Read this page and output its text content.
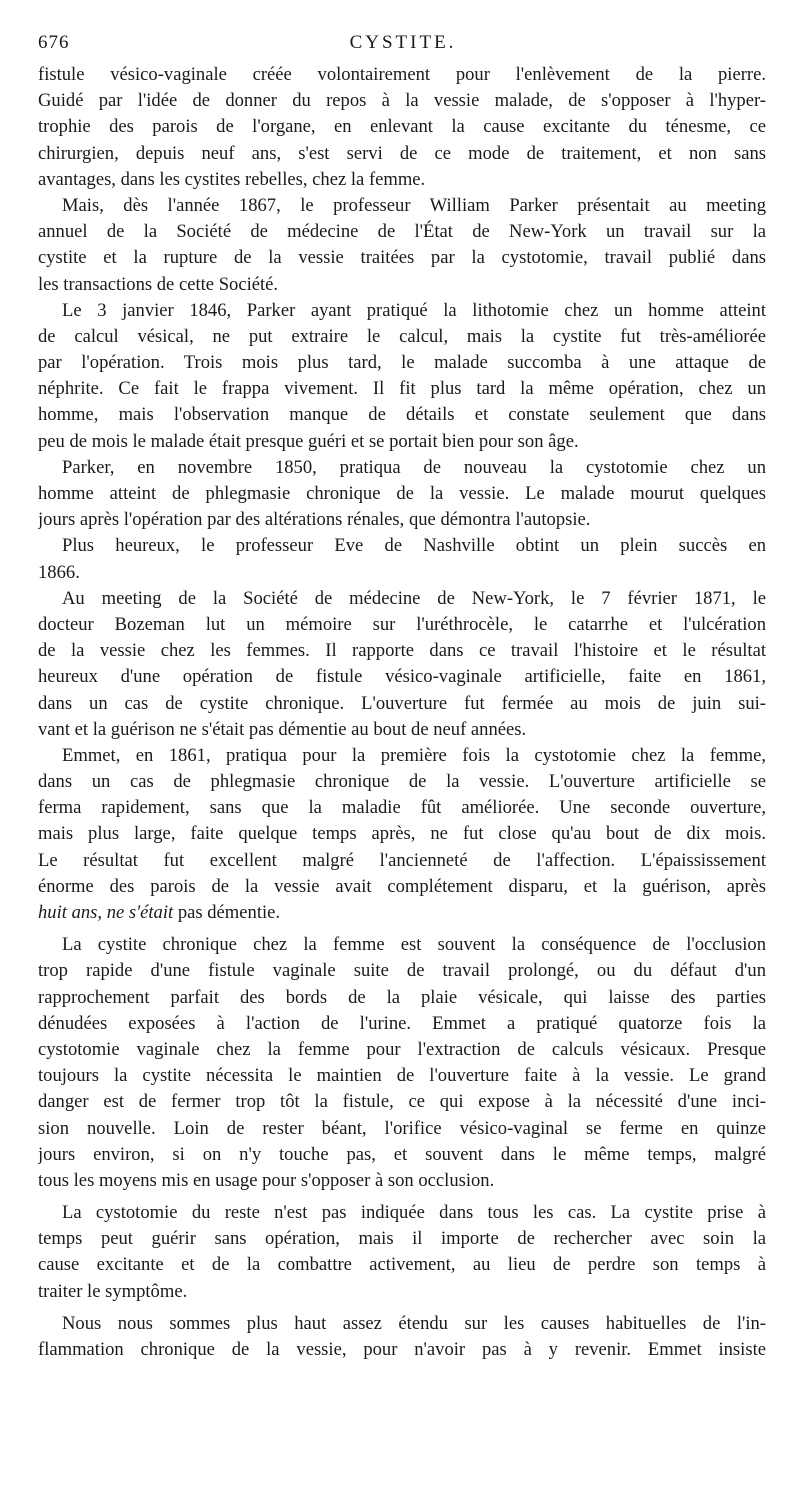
676	CYSTITE.
fistule vésico-vaginale créée volontairement pour l'enlèvement de la pierre.
Guidé par l'idée de donner du repos à la vessie malade, de s'opposer à l'hyper-
trophie des parois de l'organe, en enlevant la cause excitante du ténesme, ce
chirurgien, depuis neuf ans, s'est servi de ce mode de traitement, et non sans
avantages, dans les cystites rebelles, chez la femme.
Mais, dès l'année 1867, le professeur William Parker présentait au meeting
annuel de la Société de médecine de l'État de New-York un travail sur la
cystite et la rupture de la vessie traitées par la cystotomie, travail publié dans
les transactions de cette Société.
Le 3 janvier 1846, Parker ayant pratiqué la lithotomie chez un homme atteint
de calcul vésical, ne put extraire le calcul, mais la cystite fut très-améliorée
par l'opération. Trois mois plus tard, le malade succomba à une attaque de
néphrite. Ce fait le frappa vivement. Il fit plus tard la même opération, chez un
homme, mais l'observation manque de détails et constate seulement que dans
peu de mois le malade était presque guéri et se portait bien pour son âge.
Parker, en novembre 1850, pratiqua de nouveau la cystotomie chez un
homme atteint de phlegmasie chronique de la vessie. Le malade mourut quelques
jours après l'opération par des altérations rénales, que démontra l'autopsie.
Plus heureux, le professeur Eve de Nashville obtint un plein succès en
1866.
Au meeting de la Société de médecine de New-York, le 7 février 1871, le
docteur Bozeman lut un mémoire sur l'uréthrocèle, le catarrhe et l'ulcération
de la vessie chez les femmes. Il rapporte dans ce travail l'histoire et le résultat
heureux d'une opération de fistule vésico-vaginale artificielle, faite en 1861,
dans un cas de cystite chronique. L'ouverture fut fermée au mois de juin sui-
vant et la guérison ne s'était pas démentie au bout de neuf années.
Emmet, en 1861, pratiqua pour la première fois la cystotomie chez la femme,
dans un cas de phlegmasie chronique de la vessie. L'ouverture artificielle se
ferma rapidement, sans que la maladie fût améliorée. Une seconde ouverture,
mais plus large, faite quelque temps après, ne fut close qu'au bout de dix mois.
Le résultat fut excellent malgré l'ancienneté de l'affection. L'épaississement
énorme des parois de la vessie avait complétement disparu, et la guérison, après
huit ans, ne s'était pas démentie.
La cystite chronique chez la femme est souvent la conséquence de l'occlusion
trop rapide d'une fistule vaginale suite de travail prolongé, ou du défaut d'un
rapprochement parfait des bords de la plaie vésicale, qui laisse des parties
dénudées exposées à l'action de l'urine. Emmet a pratiqué quatorze fois la
cystotomie vaginale chez la femme pour l'extraction de calculs vésicaux. Presque
toujours la cystite nécessita le maintien de l'ouverture faite à la vessie. Le grand
danger est de fermer trop tôt la fistule, ce qui expose à la nécessité d'une inci-
sion nouvelle. Loin de rester béant, l'orifice vésico-vaginal se ferme en quinze
jours environ, si on n'y touche pas, et souvent dans le même temps, malgré
tous les moyens mis en usage pour s'opposer à son occlusion.
La cystotomie du reste n'est pas indiquée dans tous les cas. La cystite prise à
temps peut guérir sans opération, mais il importe de rechercher avec soin la
cause excitante et de la combattre activement, au lieu de perdre son temps à
traiter le symptôme.
Nous nous sommes plus haut assez étendu sur les causes habituelles de l'in-
flammation chronique de la vessie, pour n'avoir pas à y revenir. Emmet insiste
